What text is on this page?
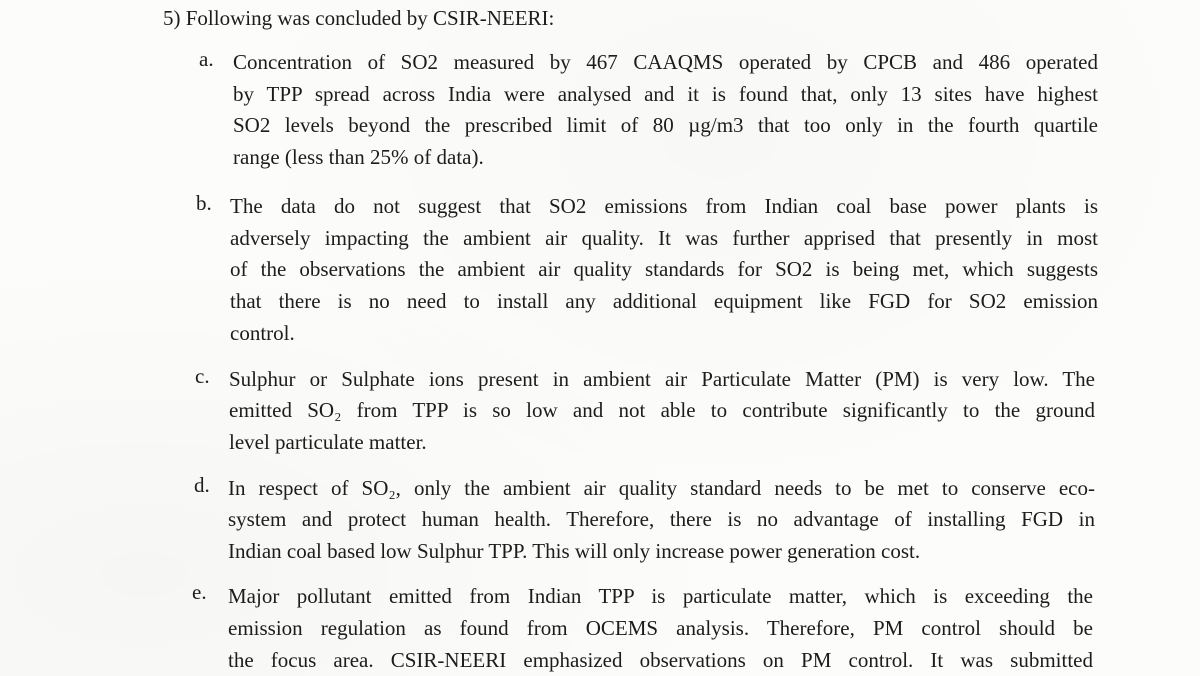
5) Following was concluded by CSIR-NEERI:
a. Concentration of SO2 measured by 467 CAAQMS operated by CPCB and 486 operated
by TPP spread across India were analysed and it is found that, only 13 sites have highest
SO2 levels beyond the prescribed limit of 80 µg/m3 that too only in the fourth quartile
range (less than 25% of data).
b. The data do not suggest that SO2 emissions from Indian coal base power plants is
adversely impacting the ambient air quality. It was further apprised that presently in most
of the observations the ambient air quality standards for SO2 is being met, which suggests
that there is no need to install any additional equipment like FGD for SO2 emission
control.
c. Sulphur or Sulphate ions present in ambient air Particulate Matter (PM) is very low. The
emitted SO₂ from TPP is so low and not able to contribute significantly to the ground
level particulate matter.
d. In respect of SO₂, only the ambient air quality standard needs to be met to conserve eco-
system and protect human health. Therefore, there is no advantage of installing FGD in
Indian coal based low Sulphur TPP. This will only increase power generation cost.
e. Major pollutant emitted from Indian TPP is particulate matter, which is exceeding the
emission regulation as found from OCEMS analysis. Therefore, PM control should be
the focus area. CSIR-NEERI emphasized observations on PM control. It was submitted
